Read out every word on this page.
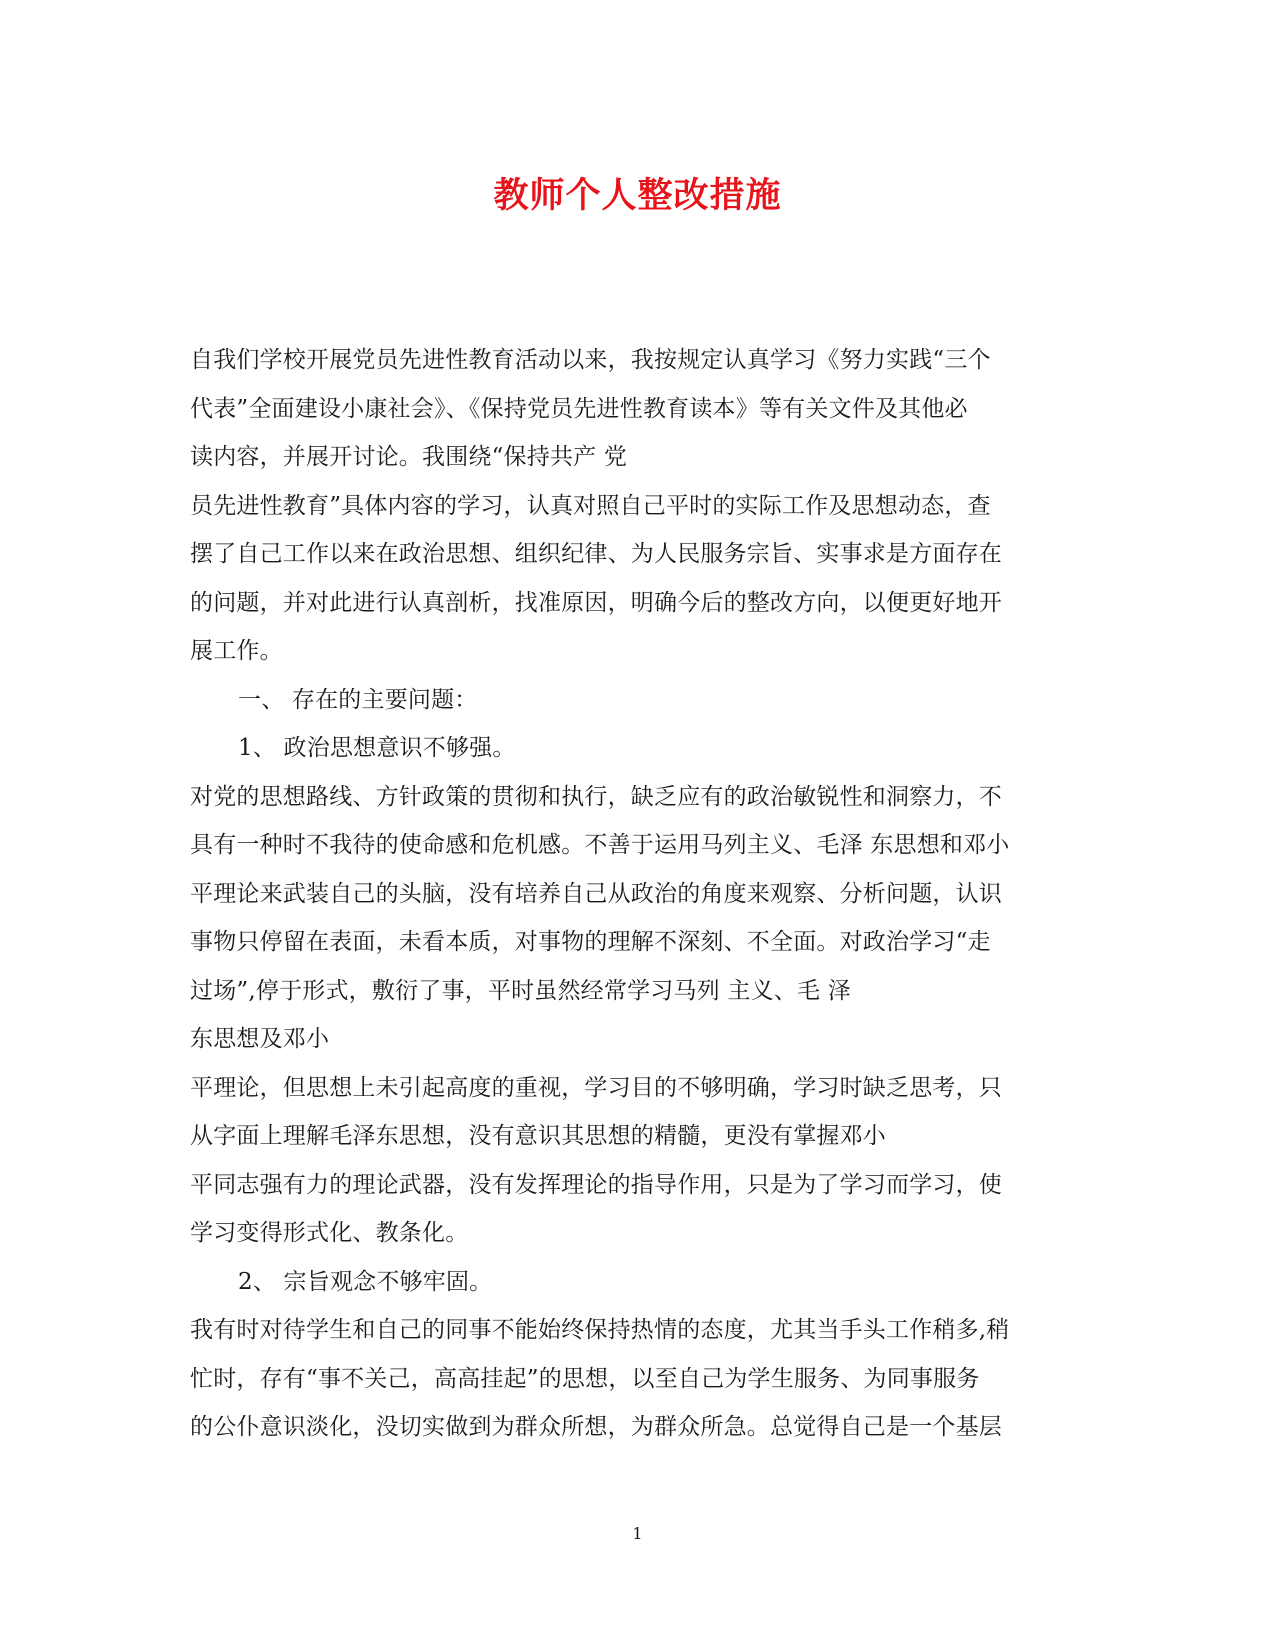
教师个人整改措施
自我们学校开展党员先进性教育活动以来，我按规定认真学习《努力实践“三个
代表”全面建设小康社会》、《保持党员先进性教育读本》等有关文件及其他必
读内容，并展开讨论。我围绕“保持共产 党
员先进性教育”具体内容的学习，认真对照自己平时的实际工作及思想动态，查
摆了自己工作以来在政治思想、组织纪律、为人民服务宗旨、实事求是方面存在
的问题，并对此进行认真剖析，找准原因，明确今后的整改方向，以便更好地开
展工作。
一、 存在的主要问题：
1、 政治思想意识不够强。
对党的思想路线、方针政策的贯彻和执行，缺乏应有的政治敏锐性和洞察力，不
具有一种时不我待的使命感和危机感。不善于运用马列主义、毛泽 东思想和邓小
平理论来武装自己的头脑，没有培养自己从政治的角度来观察、分析问题，认识
事物只停留在表面，未看本质，对事物的理解不深刻、不全面。对政治学习“走
过场”,停于形式，敷衍了事，平时虽然经常学习马列 主义、毛 泽
东思想及邓小
平理论，但思想上未引起高度的重视，学习目的不够明确，学习时缺乏思考，只
从字面上理解毛泽东思想，没有意识其思想的精髓，更没有掌握邓小
平同志强有力的理论武器，没有发挥理论的指导作用，只是为了学习而学习，使
学习变得形式化、教条化。
2、 宗旨观念不够牢固。
我有时对待学生和自己的同事不能始终保持热情的态度，尤其当手头工作稍多,稍
忙时，存有“事不关己，高高挂起”的思想，以至自己为学生服务、为同事服务
的公仆意识淡化，没切实做到为群众所想，为群众所急。总觉得自己是一个基层
1
